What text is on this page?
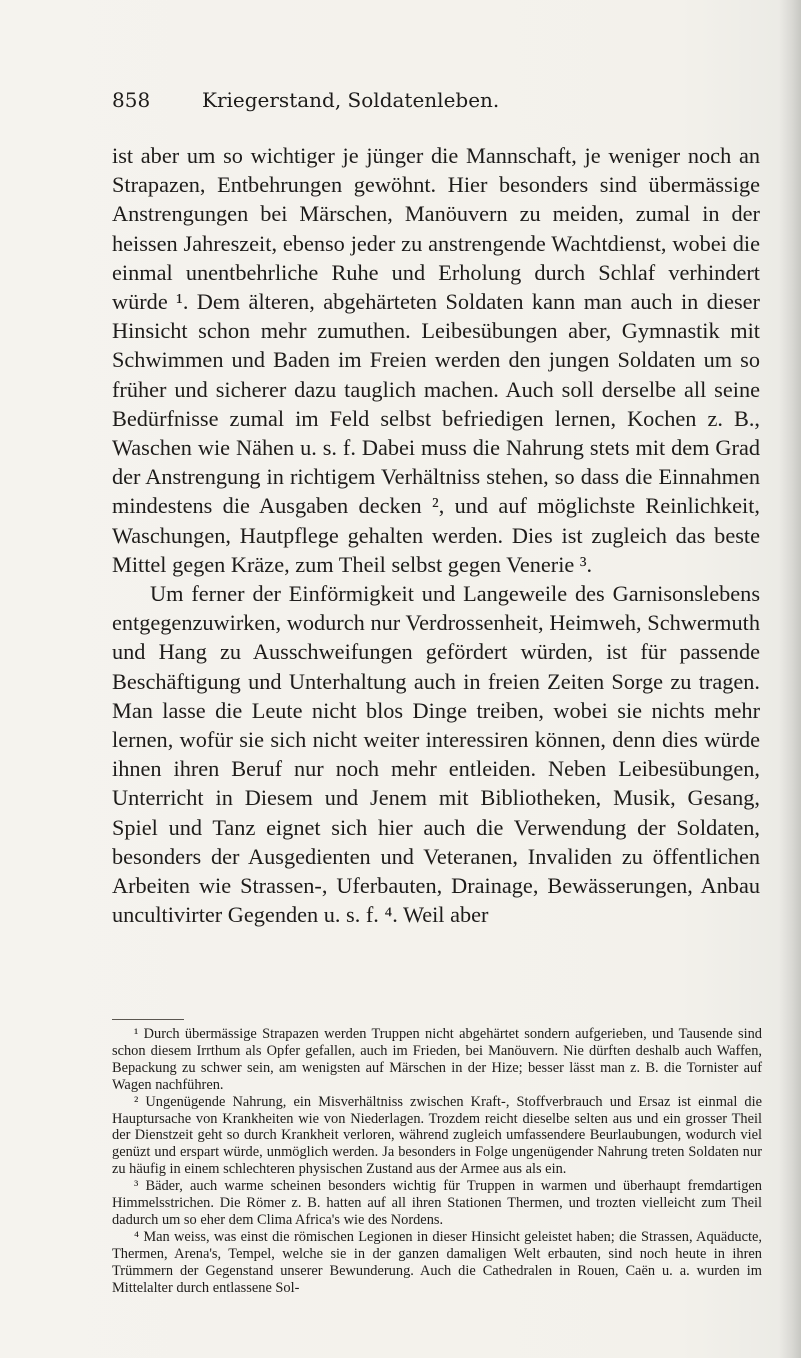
858	Kriegerstand, Soldatenleben.

ist aber um so wichtiger je jünger die Mannschaft, je weniger noch an Strapazen, Entbehrungen gewöhnt. Hier besonders sind übermässige Anstrengungen bei Märschen, Manöuvern zu meiden, zumal in der heissen Jahreszeit, ebenso jeder zu anstrengende Wachtdienst, wobei die einmal unentbehrliche Ruhe und Erholung durch Schlaf verhindert würde ¹. Dem älteren, abgehärteten Soldaten kann man auch in dieser Hinsicht schon mehr zumuthen. Leibesübungen aber, Gymnastik mit Schwimmen und Baden im Freien werden den jungen Soldaten um so früher und sicherer dazu tauglich machen. Auch soll derselbe all seine Bedürfnisse zumal im Feld selbst befriedigen lernen, Kochen z. B., Waschen wie Nähen u. s. f. Dabei muss die Nahrung stets mit dem Grad der Anstrengung in richtigem Verhältniss stehen, so dass die Einnahmen mindestens die Ausgaben decken ², und auf möglichste Reinlichkeit, Waschungen, Hautpflege gehalten werden. Dies ist zugleich das beste Mittel gegen Kräze, zum Theil selbst gegen Venerie ³.

Um ferner der Einförmigkeit und Langeweile des Garnisonslebens entgegenzuwirken, wodurch nur Verdrossenheit, Heimweh, Schwermuth und Hang zu Ausschweifungen gefördert würden, ist für passende Beschäftigung und Unterhaltung auch in freien Zeiten Sorge zu tragen. Man lasse die Leute nicht blos Dinge treiben, wobei sie nichts mehr lernen, wofür sie sich nicht weiter interessiren können, denn dies würde ihnen ihren Beruf nur noch mehr entleiden. Neben Leibesübungen, Unterricht in Diesem und Jenem mit Bibliotheken, Musik, Gesang, Spiel und Tanz eignet sich hier auch die Verwendung der Soldaten, besonders der Ausgedienten und Veteranen, Invaliden zu öffentlichen Arbeiten wie Strassen-, Uferbauten, Drainage, Bewässerungen, Anbau uncultivirter Gegenden u. s. f. ⁴. Weil aber

¹ Durch übermässige Strapazen werden Truppen nicht abgehärtet sondern aufgerieben, und Tausende sind schon diesem Irrthum als Opfer gefallen, auch im Frieden, bei Manöuvern. Nie dürften deshalb auch Waffen, Bepackung zu schwer sein, am wenigsten auf Märschen in der Hize; besser lässt man z. B. die Tornister auf Wagen nachführen.

² Ungenügende Nahrung, ein Misverhältniss zwischen Kraft-, Stoffverbrauch und Ersaz ist einmal die Hauptursache von Krankheiten wie von Niederlagen. Trozdem reicht dieselbe selten aus und ein grosser Theil der Dienstzeit geht so durch Krankheit verloren, während zugleich umfassendere Beurlaubungen, wodurch viel genüzt und erspart würde, unmöglich werden. Ja besonders in Folge ungenügender Nahrung treten Soldaten nur zu häufig in einem schlechteren physischen Zustand aus der Armee aus als ein.

³ Bäder, auch warme scheinen besonders wichtig für Truppen in warmen und überhaupt fremdartigen Himmelsstrichen. Die Römer z. B. hatten auf all ihren Stationen Thermen, und trozten vielleicht zum Theil dadurch um so eher dem Clima Africa's wie des Nordens.

⁴ Man weiss, was einst die römischen Legionen in dieser Hinsicht geleistet haben; die Strassen, Aquäducte, Thermen, Arena's, Tempel, welche sie in der ganzen damaligen Welt erbauten, sind noch heute in ihren Trümmern der Gegenstand unserer Bewunderung. Auch die Cathedralen in Rouen, Caën u. a. wurden im Mittelalter durch entlassene Sol-
